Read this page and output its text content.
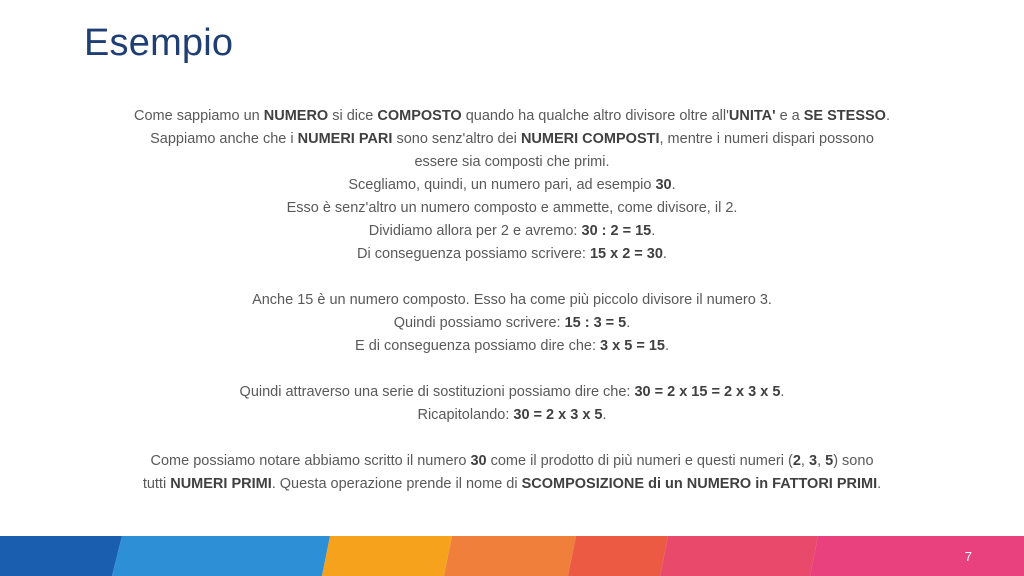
Esempio

Come sappiamo un NUMERO si dice COMPOSTO quando ha qualche altro divisore oltre all'UNITA' e a SE STESSO.

Sappiamo anche che i NUMERI PARI sono senz'altro dei NUMERI COMPOSTI, mentre i numeri dispari possono

essere sia composti che primi.

Scegliamo, quindi, un numero pari, ad esempio 30.

Esso è senz'altro un numero composto e ammette, come divisore, il 2.

Dividiamo allora per 2 e avremo: 30 : 2 = 15.

Di conseguenza possiamo scrivere: 15 x 2 = 30.

Anche 15 è un numero composto. Esso ha come più piccolo divisore il numero 3.

Quindi possiamo scrivere: 15 : 3 = 5.

E di conseguenza possiamo dire che: 3 x 5 = 15.

Quindi attraverso una serie di sostituzioni possiamo dire che: 30 = 2 x 15 = 2 x 3 x 5.

Ricapitolando: 30 = 2 x 3 x 5.

Come possiamo notare abbiamo scritto il numero 30 come il prodotto di più numeri e questi numeri (2, 3, 5) sono

tutti NUMERI PRIMI. Questa operazione prende il nome di SCOMPOSIZIONE di un NUMERO in FATTORI PRIMI.

7
